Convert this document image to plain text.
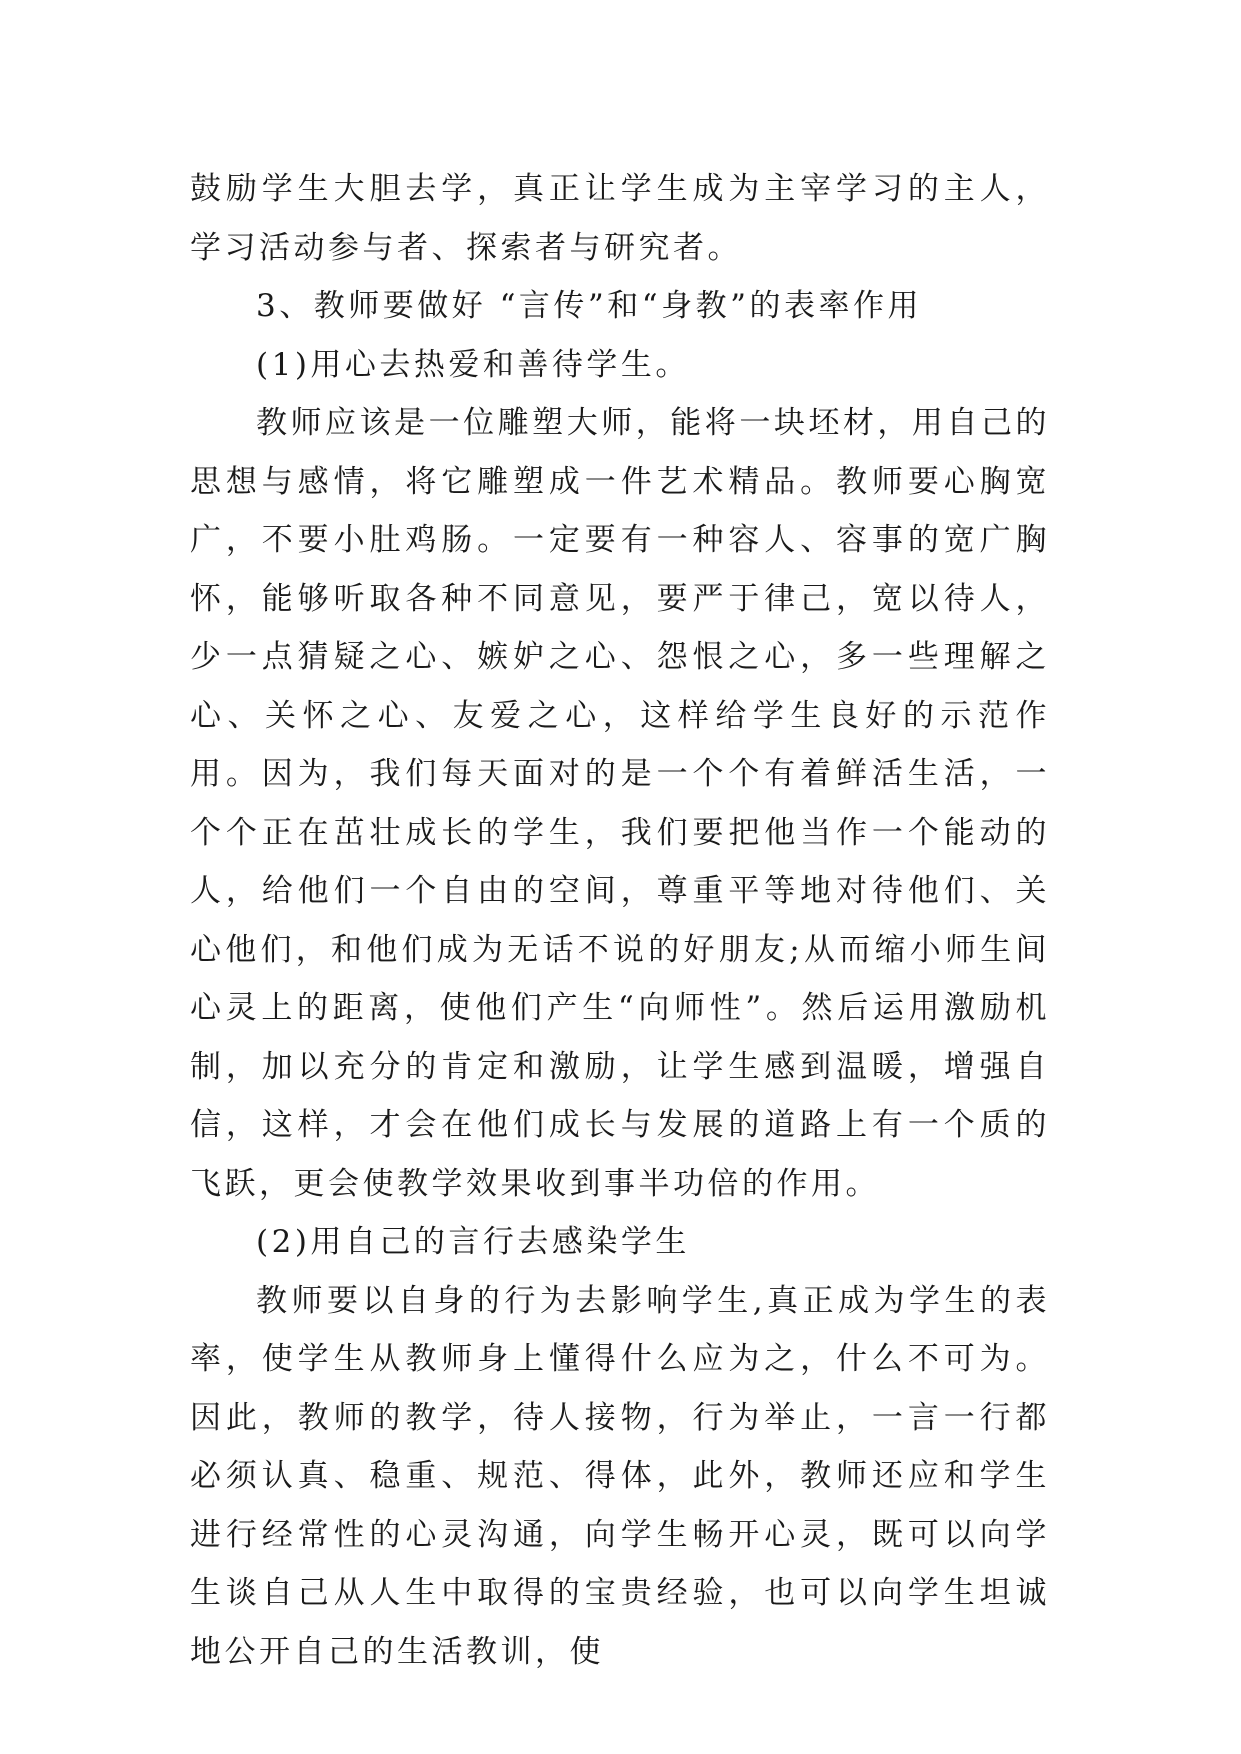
鼓励学生大胆去学，真正让学生成为主宰学习的主人，学习活动参与者、探索者与研究者。

3、教师要做好 “言传”和“身教”的表率作用

(1)用心去热爱和善待学生。

教师应该是一位雕塑大师，能将一块坯材，用自己的思想与感情，将它雕塑成一件艺术精品。教师要心胸宽广，不要小肚鸡肠。一定要有一种容人、容事的宽广胸怀，能够听取各种不同意见，要严于律己，宽以待人，少一点猜疑之心、嫉妒之心、怨恨之心，多一些理解之心、关怀之心、友爱之心，这样给学生良好的示范作用。因为，我们每天面对的是一个个有着鲜活生活，一个个正在茁壮成长的学生，我们要把他当作一个能动的人，给他们一个自由的空间，尊重平等地对待他们、关心他们，和他们成为无话不说的好朋友;从而缩小师生间心灵上的距离，使他们产生“向师性”。然后运用激励机制，加以充分的肯定和激励，让学生感到温暖，增强自信，这样，才会在他们成长与发展的道路上有一个质的飞跃，更会使教学效果收到事半功倍的作用。

(2)用自己的言行去感染学生

教师要以自身的行为去影响学生,真正成为学生的表率，使学生从教师身上懂得什么应为之，什么不可为。因此，教师的教学，待人接物，行为举止，一言一行都必须认真、稳重、规范、得体，此外，教师还应和学生进行经常性的心灵沟通，向学生畅开心灵，既可以向学生谈自己从人生中取得的宝贵经验，也可以向学生坦诚地公开自己的生活教训，使
